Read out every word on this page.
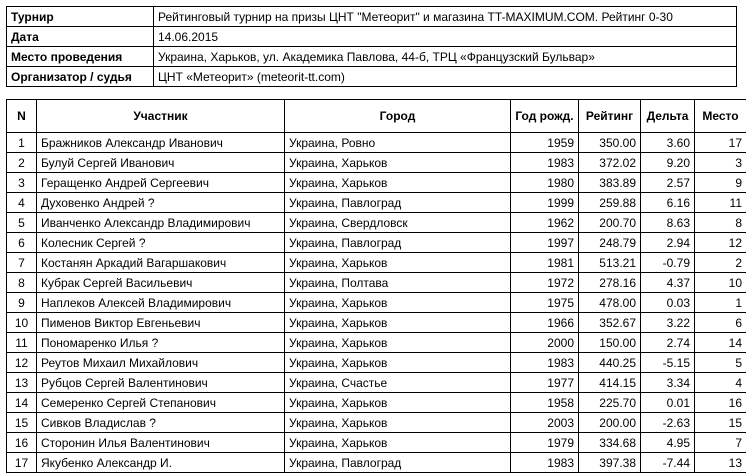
Турнир	Рейтинговый турнир на призы ЦНТ "Метеорит" и магазина TT-MAXIMUM.COM. Рейтинг 0-30
Дата	14.06.2015
Место проведения	Украина, Харьков, ул. Академика Павлова, 44-б, ТРЦ «Французский Бульвар»
Организатор / судья	ЦНТ «Метеорит» (meteorit-tt.com)
N	Участник	Город	Год рожд.	Рейтинг	Дельта	Место
1	Бражников Александр Иванович	Украина, Ровно	1959	350.00	3.60	17
2	Булуй Сергей Иванович	Украина, Харьков	1983	372.02	9.20	3
3	Геращенко Андрей Сергеевич	Украина, Харьков	1980	383.89	2.57	9
4	Духовенко Андрей ?	Украина, Павлоград	1999	259.88	6.16	11
5	Иванченко Александр Владимирович	Украина, Свердловск	1962	200.70	8.63	8
6	Колесник Сергей ?	Украина, Павлоград	1997	248.79	2.94	12
7	Костанян Аркадий Вагаршакович	Украина, Харьков	1981	513.21	-0.79	2
8	Кубрак Сергей Васильевич	Украина, Полтава	1972	278.16	4.37	10
9	Наплеков Алексей Владимирович	Украина, Харьков	1975	478.00	0.03	1
10	Пименов Виктор Евгеньевич	Украина, Харьков	1966	352.67	3.22	6
11	Пономаренко Илья ?	Украина, Харьков	2000	150.00	2.74	14
12	Реутов Михаил Михайлович	Украина, Харьков	1983	440.25	-5.15	5
13	Рубцов Сергей Валентинович	Украина, Счастье	1977	414.15	3.34	4
14	Семеренко Сергей Степанович	Украина, Харьков	1958	225.70	0.01	16
15	Сивков Владислав ?	Украина, Харьков	2003	200.00	-2.63	15
16	Сторонин Илья Валентинович	Украина, Харьков	1979	334.68	4.95	7
17	Якубенко Александр И.	Украина, Павлоград	1983	397.38	-7.44	13
